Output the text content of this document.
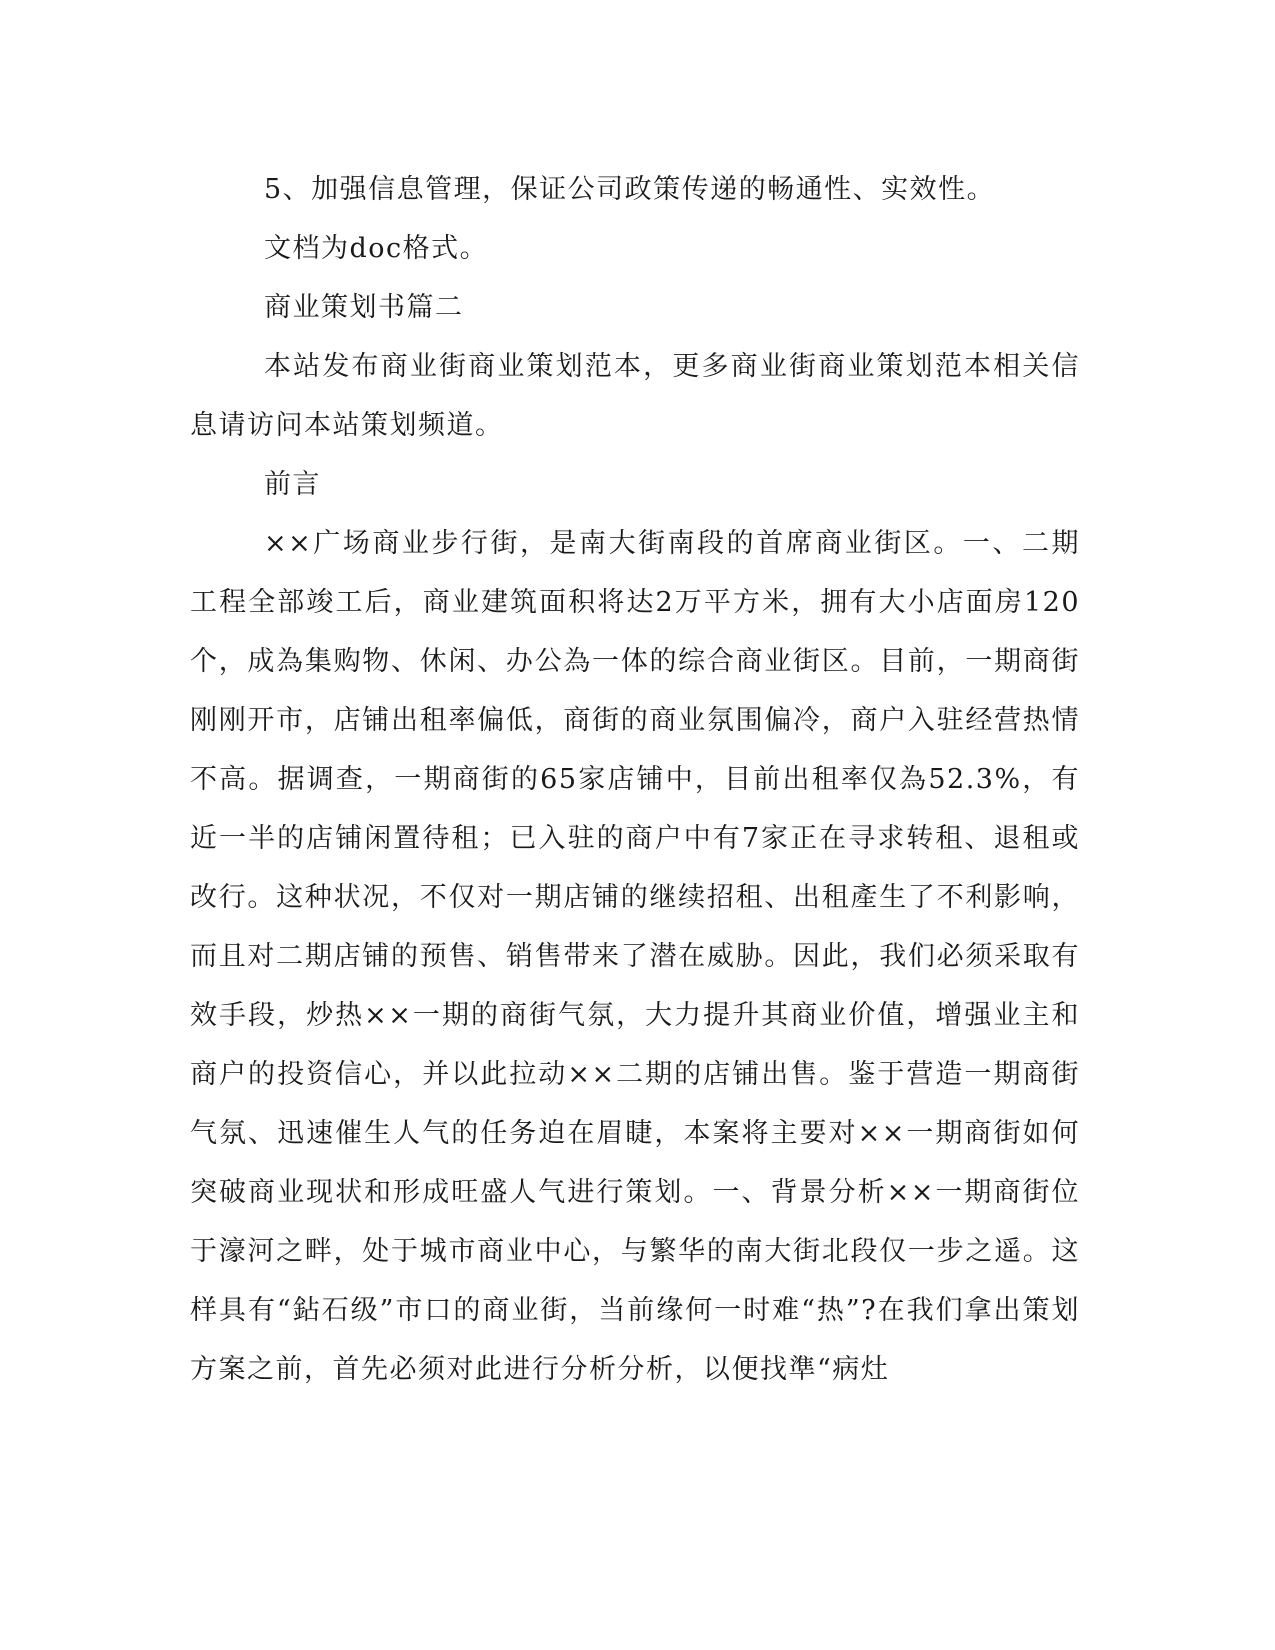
5、加强信息管理，保证公司政策传递的畅通性、实效性。

文档为doc格式。

商业策划书篇二

本站发布商业街商业策划范本，更多商业街商业策划范本相关信息请访问本站策划频道。

前言

××广场商业步行街，是南大街南段的首席商业街区。一、二期工程全部竣工后，商业建筑面积将达2万平方米，拥有大小店面房120个，成為集购物、休闲、办公為一体的综合商业街区。目前，一期商街刚刚开市，店铺出租率偏低，商街的商业氛围偏冷，商户入驻经营热情不高。据调查，一期商街的65家店铺中，目前出租率仅為52.3%，有近一半的店铺闲置待租；已入驻的商户中有7家正在寻求转租、退租或改行。这种状况，不仅对一期店铺的继续招租、出租產生了不利影响，而且对二期店铺的预售、销售带来了潜在威胁。因此，我们必须采取有效手段，炒热××一期的商街气氛，大力提升其商业价值，增强业主和商户的投资信心，并以此拉动××二期的店铺出售。鉴于营造一期商街气氛、迅速催生人气的任务迫在眉睫，本案将主要对××一期商街如何突破商业现状和形成旺盛人气进行策划。一、背景分析××一期商街位于濠河之畔，处于城市商业中心，与繁华的南大街北段仅一步之遥。这样具有“鉆石级”市口的商业街，当前缘何一时难“热”?在我们拿出策划方案之前，首先必须对此进行分析分析，以便找準“病灶
